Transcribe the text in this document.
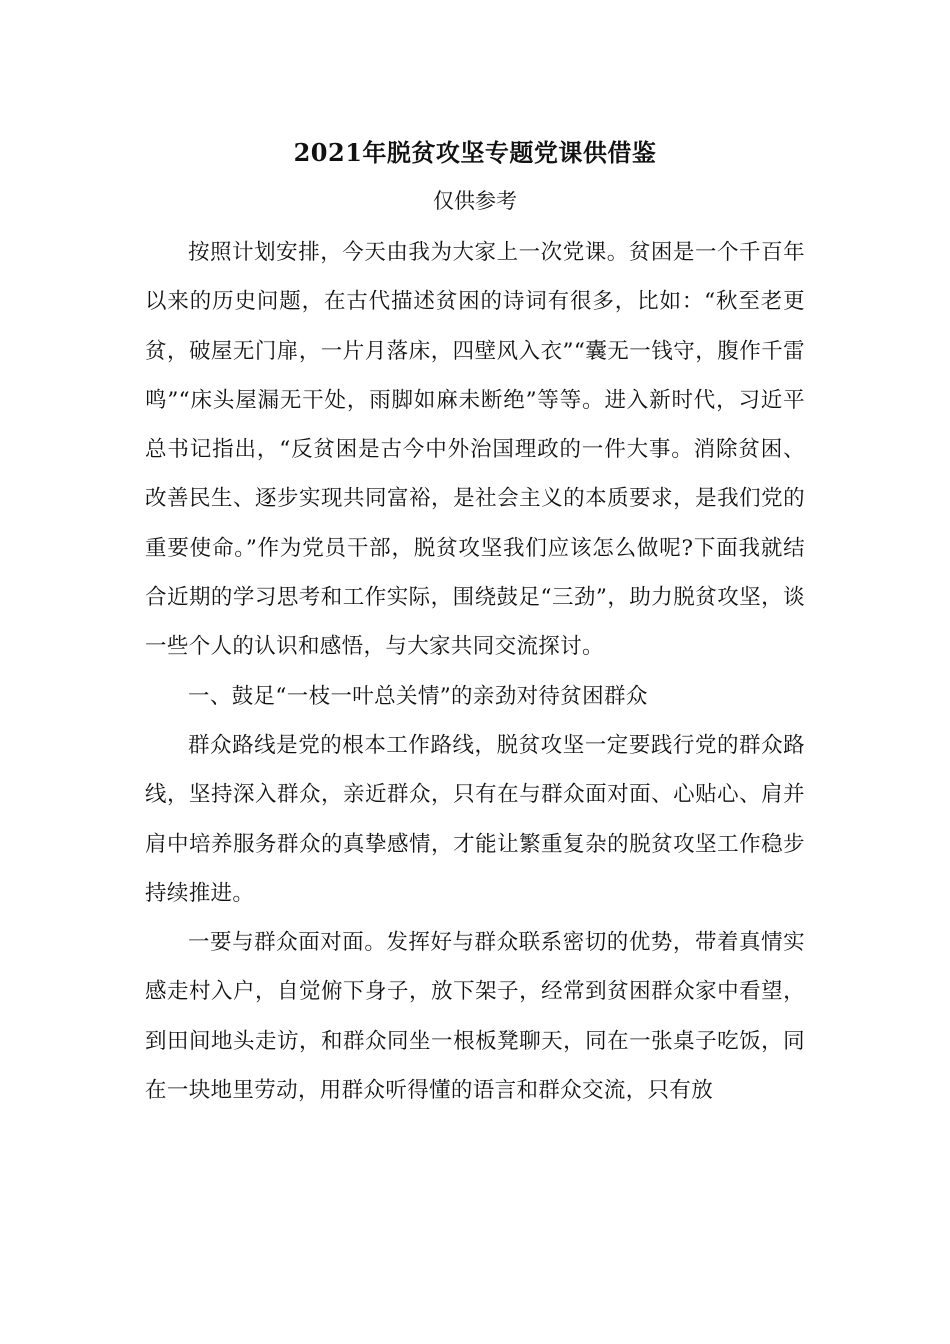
2021年脱贫攻坚专题党课供借鉴
仅供参考

按照计划安排，今天由我为大家上一次党课。贫困是一个千百年以来的历史问题，在古代描述贫困的诗词有很多，比如：“秋至老更贫，破屋无门扉，一片月落床，四壁风入衣”“囊无一钱守，腹作千雷鸣”“床头屋漏无干处，雨脚如麻未断绝”等等。进入新时代，习近平总书记指出，“反贫困是古今中外治国理政的一件大事。消除贫困、改善民生、逐步实现共同富裕，是社会主义的本质要求，是我们党的重要使命。”作为党员干部，脱贫攻坚我们应该怎么做呢?下面我就结合近期的学习思考和工作实际，围绕鼓足“三劲”，助力脱贫攻坚，谈一些个人的认识和感悟，与大家共同交流探讨。

一、鼓足“一枝一叶总关情”的亲劲对待贫困群众

群众路线是党的根本工作路线，脱贫攻坚一定要践行党的群众路线，坚持深入群众，亲近群众，只有在与群众面对面、心贴心、肩并肩中培养服务群众的真挚感情，才能让繁重复杂的脱贫攻坚工作稳步持续推进。

一要与群众面对面。发挥好与群众联系密切的优势，带着真情实感走村入户，自觉俯下身子，放下架子，经常到贫困群众家中看望，到田间地头走访，和群众同坐一根板凳聊天，同在一张桌子吃饭，同在一块地里劳动，用群众听得懂的语言和群众交流，只有放
